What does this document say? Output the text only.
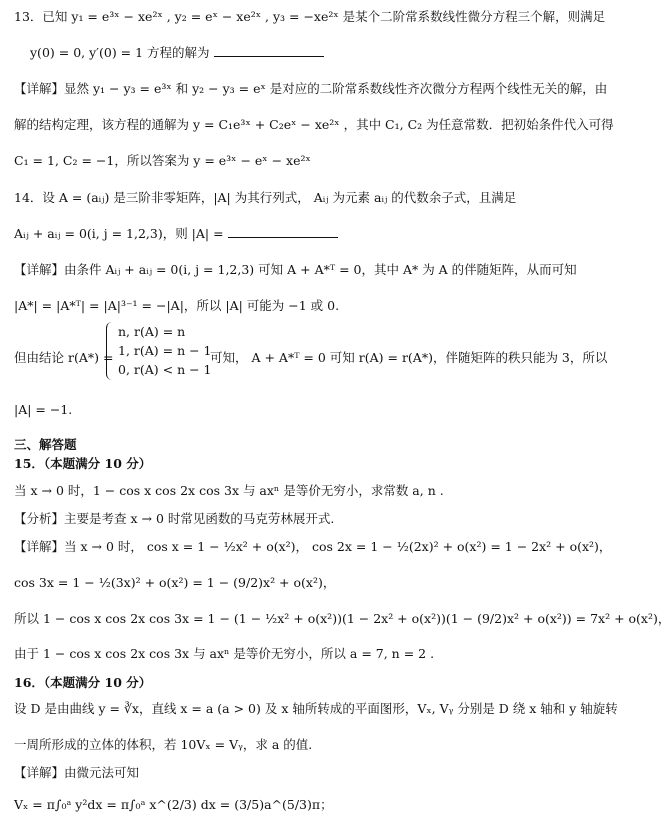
13．已知 y₁ = e³ˣ − xe²ˣ , y₂ = eˣ − xe²ˣ , y₃ = −xe²ˣ 是某个二阶常系数线性微分方程三个解，则满足
y(0) = 0, y′(0) = 1 方程的解为
【详解】显然 y₁ − y₃ = e³ˣ 和 y₂ − y₃ = eˣ 是对应的二阶常系数线性齐次微分方程两个线性无关的解，由
解的结构定理，该方程的通解为 y = C₁e³ˣ + C₂eˣ − xe²ˣ ，其中 C₁, C₂ 为任意常数．把初始条件代入可得
C₁ = 1, C₂ = −1，所以答案为 y = e³ˣ − eˣ − xe²ˣ
14．设 A = (aᵢⱼ) 是三阶非零矩阵，|A| 为其行列式， Aᵢⱼ 为元素 aᵢⱼ 的代数余子式，且满足
Aᵢⱼ + aᵢⱼ = 0(i, j = 1,2,3)，则 |A| =
【详解】由条件 Aᵢⱼ + aᵢⱼ = 0(i, j = 1,2,3) 可知 A + A*ᵀ = 0，其中 A* 为 A 的伴随矩阵，从而可知
|A*| = |A*ᵀ| = |A|³⁻¹ = −|A|，所以 |A| 可能为 −1 或 0.
|A| = −1.
三、解答题
15．（本题满分 10 分）
当 x → 0 时，1 − cos x cos 2x cos 3x 与 axⁿ 是等价无穷小，求常数 a, n .
【分析】主要是考查 x → 0 时常见函数的马克劳林展开式.
【详解】当 x → 0 时， cos x = 1 − ½x² + o(x²)， cos 2x = 1 − ½(2x)² + o(x²) = 1 − 2x² + o(x²)，
cos 3x = 1 − ½(3x)² + o(x²) = 1 − (9/2)x² + o(x²)，
所以 1 − cos x cos 2x cos 3x = 1 − (1 − ½x² + o(x²))(1 − 2x² + o(x²))(1 − (9/2)x² + o(x²)) = 7x² + o(x²)，
由于 1 − cos x cos 2x cos 3x 与 axⁿ 是等价无穷小，所以 a = 7, n = 2 .
16．（本题满分 10 分）
设 D 是由曲线 y = ∛x，直线 x = a (a > 0) 及 x 轴所转成的平面图形，Vₓ, Vᵧ 分别是 D 绕 x 轴和 y 轴旋转
一周所形成的立体的体积，若 10Vₓ = Vᵧ，求 a 的值.
【详解】由微元法可知
Vₓ = π∫₀ᵃ y²dx = π∫₀ᵃ x^(2/3) dx = (3/5)a^(5/3)π；
但由结论 r(A*) =
n, r(A) = n
1, r(A) = n − 1
0, r(A) < n − 1
可知， A + A*ᵀ = 0 可知 r(A) = r(A*)，伴随矩阵的秩只能为 3，所以
